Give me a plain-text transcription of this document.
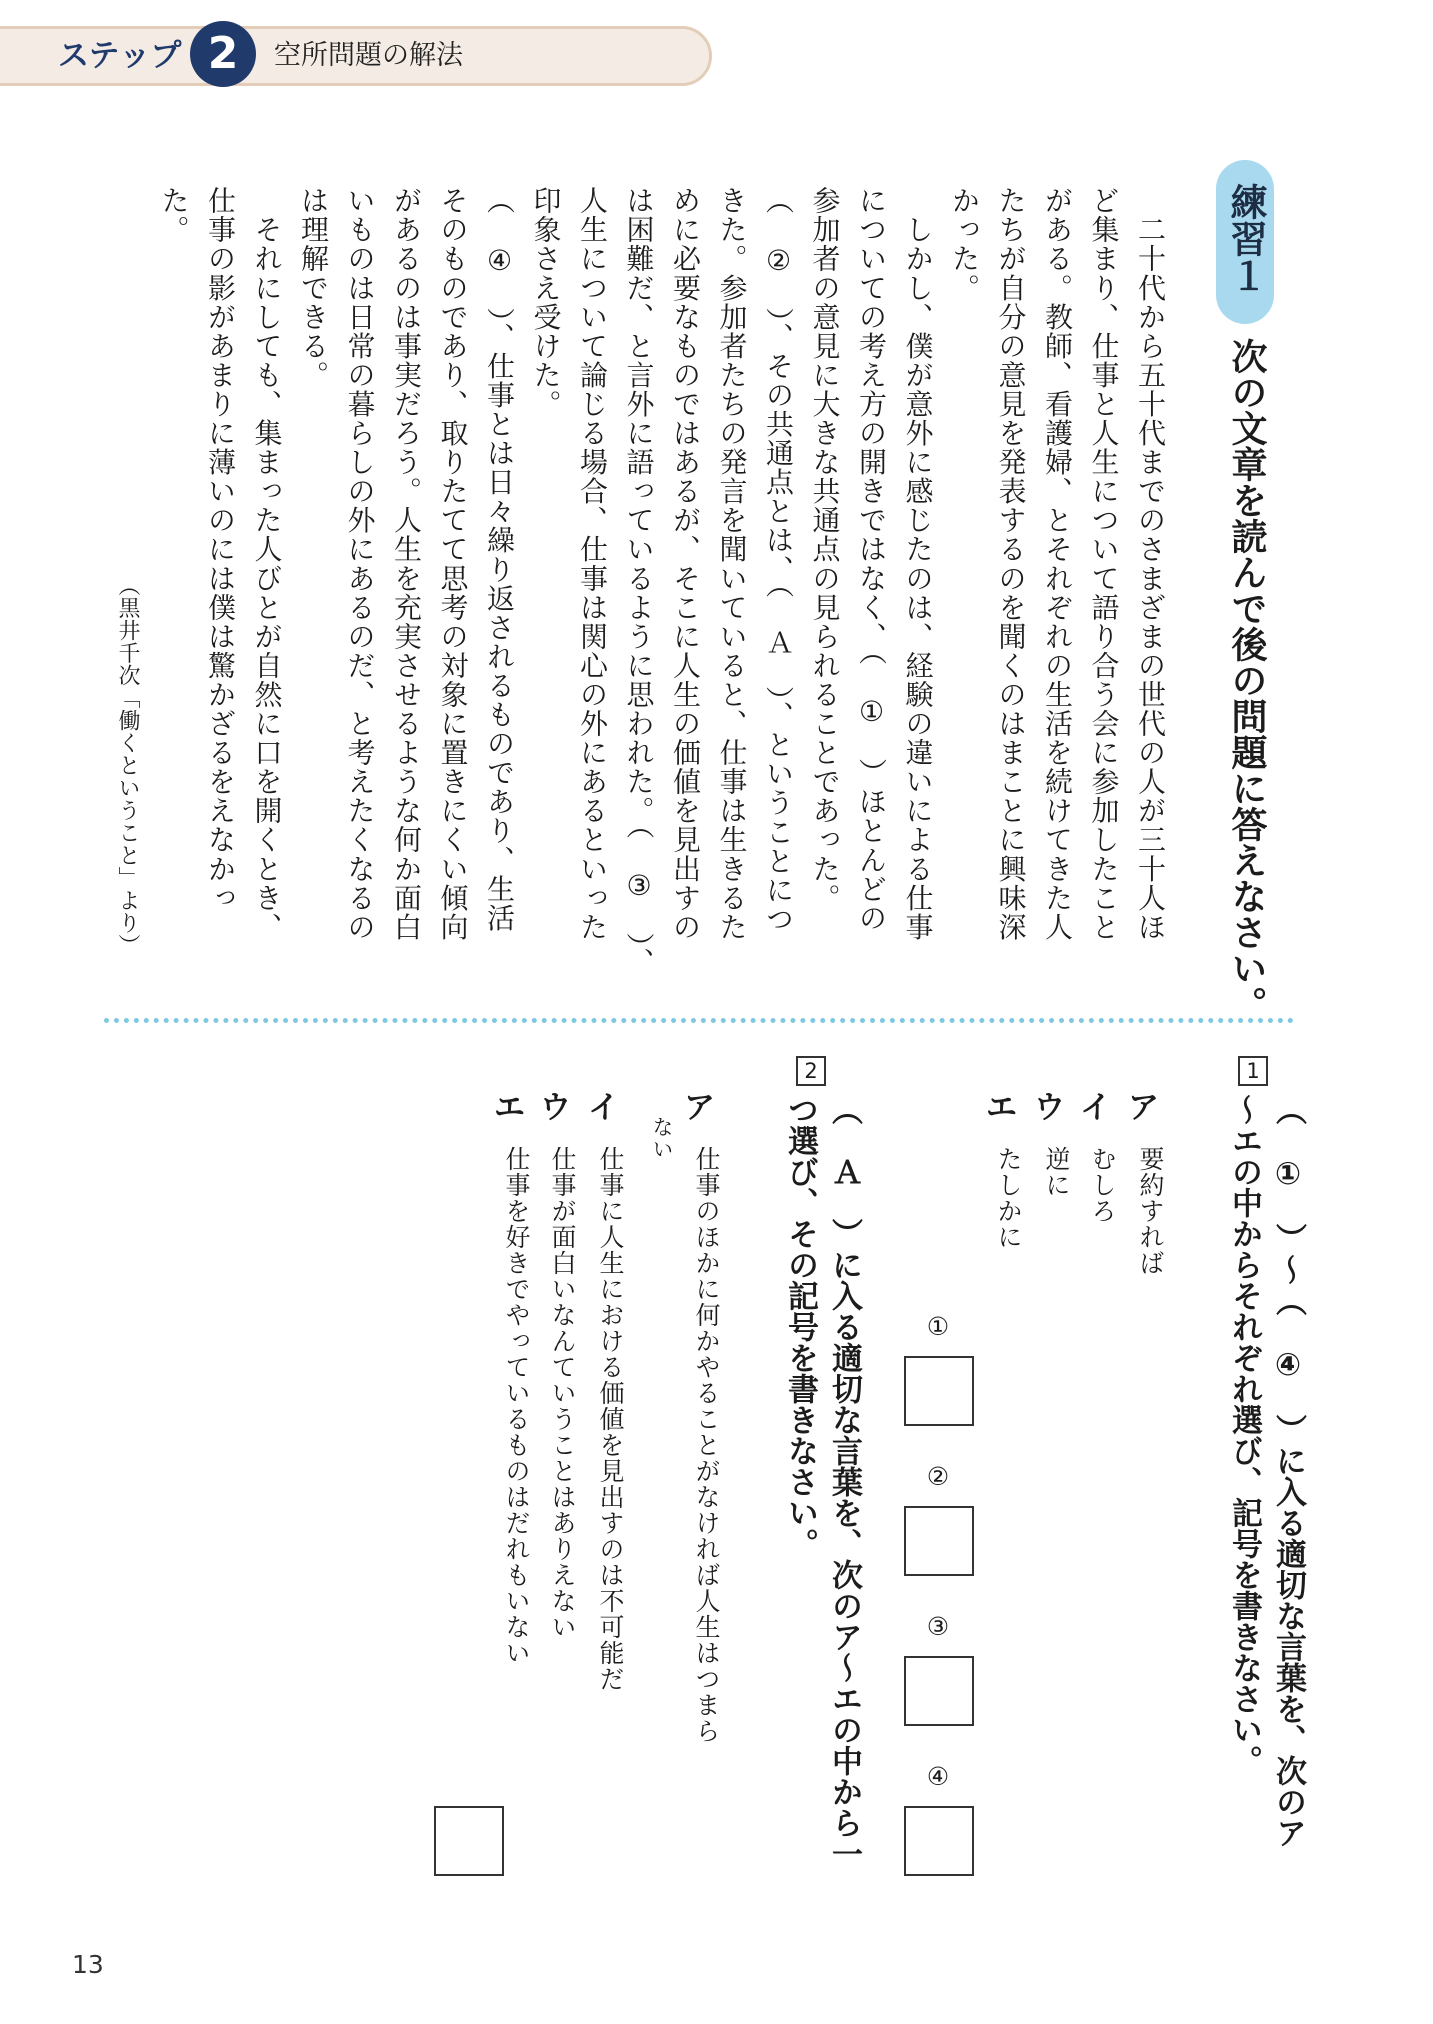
ステップ 2	空所問題の解法
練習１
次の文章を読んで後の問題に答えなさい。
　二十代から五十代までのさまざまの世代の人が三十人ほ
ど集まり、仕事と人生について語り合う会に参加したこと
がある。教師、看護婦、とそれぞれの生活を続けてきた人
たちが自分の意見を発表するのを聞くのはまことに興味深
かった。
　しかし、僕が意外に感じたのは、経験の違いによる仕事
についての考え方の開きではなく、（　①　）ほとんどの
参加者の意見に大きな共通点の見られることであった。
（　②　）、その共通点とは、（　Ａ　）、ということにつ
きた。参加者たちの発言を聞いていると、仕事は生きるた
めに必要なものではあるが、そこに人生の価値を見出すの
は困難だ、と言外に語っているように思われた。（　③　）、
人生について論じる場合、仕事は関心の外にあるといった
印象さえ受けた。
（　④　）、仕事とは日々繰り返されるものであり、生活
そのものであり、取りたてて思考の対象に置きにくい傾向
があるのは事実だろう。人生を充実させるような何か面白
いものは日常の暮らしの外にあるのだ、と考えたくなるの
は理解できる。
　それにしても、集まった人びとが自然に口を開くとき、
仕事の影があまりに薄いのには僕は驚かざるをえなかっ
た。
（黒井千次「働くということ」より）
1
（　①　）～（　④　）に入る適切な言葉を、次のア～エの中からそれぞれ選び、記号を書きなさい。
ア
要約すれば
イ
むしろ
ウ
逆に
エ
たしかに
①
②
③
④
2
（　Ａ　）に入る適切な言葉を、次のア～エの中から一つ選び、その記号を書きなさい。
ア
仕事のほかに何かやることがなければ人生はつまら
ない
イ
仕事に人生における価値を見出すのは不可能だ
ウ
仕事が面白いなんていうことはありえない
エ
仕事を好きでやっているものはだれもいない
13
